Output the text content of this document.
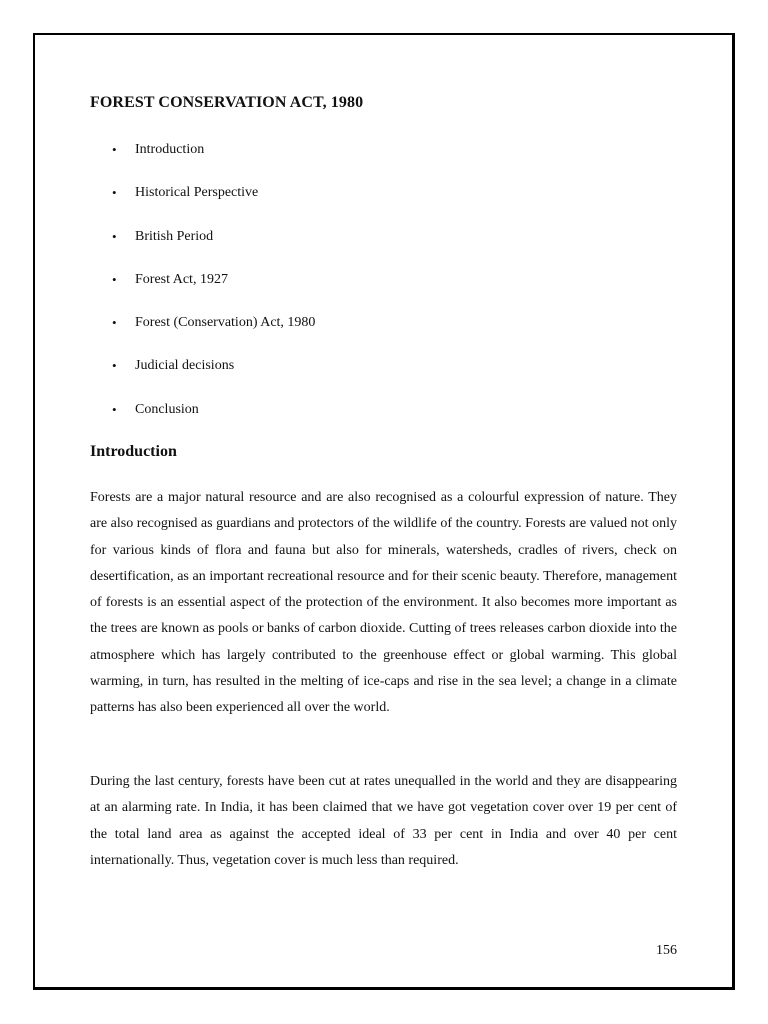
FOREST CONSERVATION ACT, 1980
•	Introduction
•	Historical Perspective
•	British Period
•	Forest Act, 1927
•	Forest (Conservation) Act, 1980
•	Judicial decisions
•	Conclusion
Introduction

Forests are a major natural resource and are also recognised as a colourful expression of nature. They are also recognised as guardians and protectors of the wildlife of the country. Forests are valued not only for various kinds of flora and fauna but also for minerals, watersheds, cradles of rivers, check on desertification, as an important recreational resource and for their scenic beauty. Therefore, management of forests is an essential aspect of the protection of the environment. It also becomes more important as the trees are known as pools or banks of carbon dioxide. Cutting of trees releases carbon dioxide into the atmosphere which has largely contributed to the greenhouse effect or global warming. This global warming, in turn, has resulted in the melting of ice-caps and rise in the sea level; a change in a climate patterns has also been experienced all over the world.

During the last century, forests have been cut at rates unequalled in the world and they are disappearing at an alarming rate. In India, it has been claimed that we have got vegetation cover over 19 per cent of the total land area as against the accepted ideal of 33 per cent in India and over 40 per cent internationally. Thus, vegetation cover is much less than required.

156
